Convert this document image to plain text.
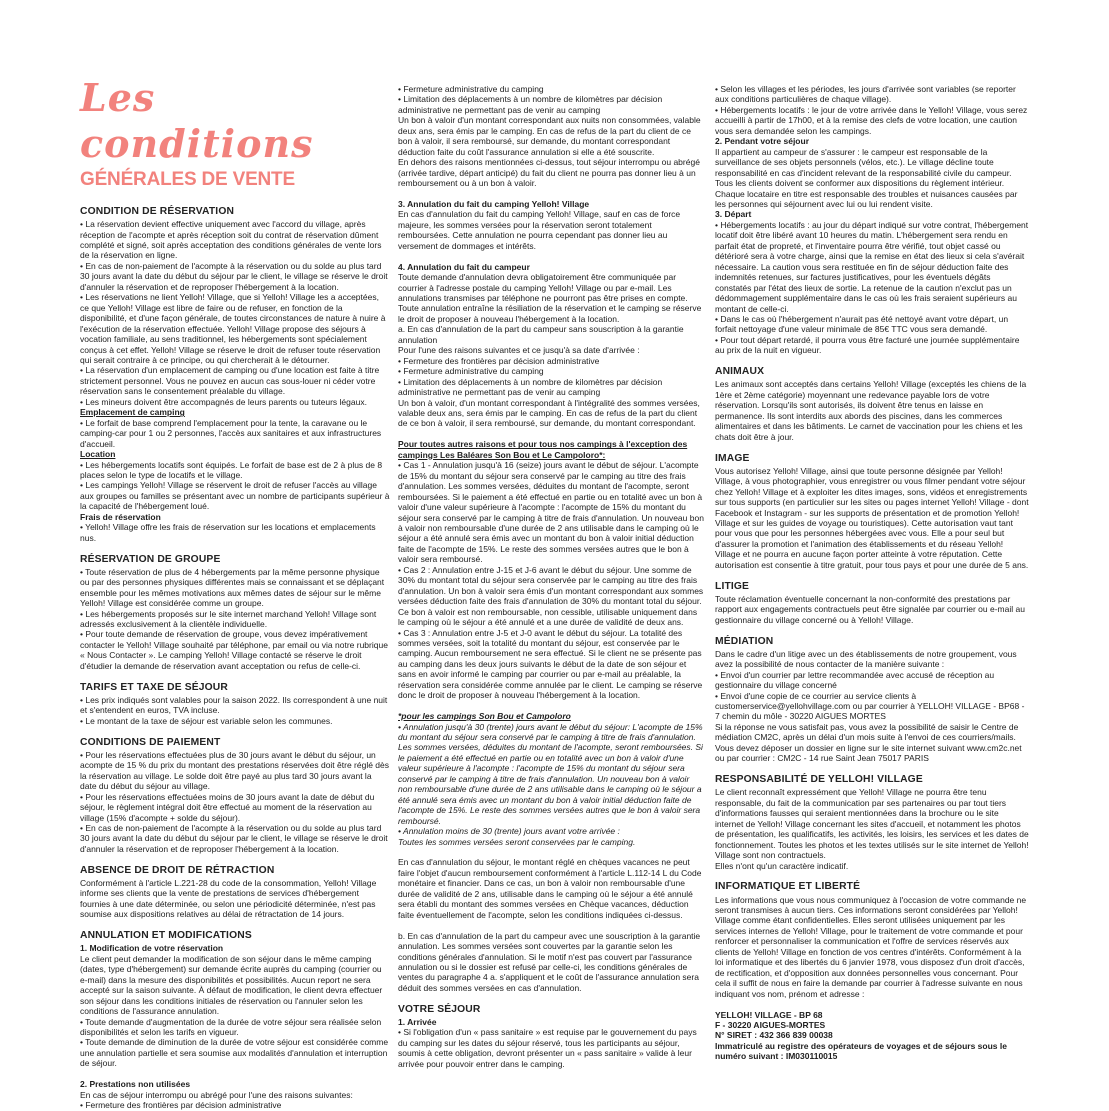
Les conditions
GÉNÉRALES DE VENTE
CONDITION DE RÉSERVATION
• La réservation devient effective uniquement avec l'accord du village, après réception de l'acompte et après réception soit du contrat de réservation dûment complété et signé, soit après acceptation des conditions générales de vente lors de la réservation en ligne.
• En cas de non-paiement de l'acompte à la réservation ou du solde au plus tard 30 jours avant la date du début du séjour par le client, le village se réserve le droit d'annuler la réservation et de reproposer l'hébergement à la location.
• Les réservations ne lient Yelloh! Village, que si Yelloh! Village les a acceptées, ce que Yelloh! Village est libre de faire ou de refuser, en fonction de la disponibilité, et d'une façon générale, de toutes circonstances de nature à nuire à l'exécution de la réservation effectuée. Yelloh! Village propose des séjours à vocation familiale, au sens traditionnel, les hébergements sont spécialement conçus à cet effet. Yelloh! Village se réserve le droit de refuser toute réservation qui serait contraire à ce principe, ou qui chercherait à le détourner.
• La réservation d'un emplacement de camping ou d'une location est faite à titre strictement personnel. Vous ne pouvez en aucun cas sous-louer ni céder votre réservation sans le consentement préalable du village.
• Les mineurs doivent être accompagnés de leurs parents ou tuteurs légaux.
Emplacement de camping
• Le forfait de base comprend l'emplacement pour la tente, la caravane ou le camping-car pour 1 ou 2 personnes, l'accès aux sanitaires et aux infrastructures d'accueil.
Location
• Les hébergements locatifs sont équipés. Le forfait de base est de 2 à plus de 8 places selon le type de locatifs et le village.
• Les campings Yelloh! Village se réservent le droit de refuser l'accès au village aux groupes ou familles se présentant avec un nombre de participants supérieur à la capacité de l'hébergement loué.
Frais de réservation
• Yelloh! Village offre les frais de réservation sur les locations et emplacements nus.
RÉSERVATION DE GROUPE
• Toute réservation de plus de 4 hébergements par la même personne physique ou par des personnes physiques différentes mais se connaissant et se déplaçant ensemble pour les mêmes motivations aux mêmes dates de séjour sur le même Yelloh! Village est considérée comme un groupe.
• Les hébergements proposés sur le site internet marchand Yelloh! Village sont adressés exclusivement à la clientèle individuelle.
• Pour toute demande de réservation de groupe, vous devez impérativement contacter le Yelloh! Village souhaité par téléphone, par email ou via notre rubrique « Nous Contacter ». Le camping Yelloh! Village contacté se réserve le droit d'étudier la demande de réservation avant acceptation ou refus de celle-ci.
TARIFS ET TAXE DE SÉJOUR
• Les prix indiqués sont valables pour la saison 2022. Ils correspondent à une nuit et s'entendent en euros, TVA incluse.
• Le montant de la taxe de séjour est variable selon les communes.
CONDITIONS DE PAIEMENT
• Pour les réservations effectuées plus de 30 jours avant le début du séjour, un acompte de 15 % du prix du montant des prestations réservées doit être réglé dès la réservation au village. Le solde doit être payé au plus tard 30 jours avant la date du début du séjour au village.
• Pour les réservations effectuées moins de 30 jours avant la date de début du séjour, le règlement intégral doit être effectué au moment de la réservation au village (15% d'acompte + solde du séjour).
• En cas de non-paiement de l'acompte à la réservation ou du solde au plus tard 30 jours avant la date du début du séjour par le client, le village se réserve le droit d'annuler la réservation et de reproposer l'hébergement à la location.
ABSENCE DE DROIT DE RÉTRACTION
Conformément à l'article L.221-28 du code de la consommation, Yelloh! Village informe ses clients que la vente de prestations de services d'hébergement fournies à une date déterminée, ou selon une périodicité déterminée, n'est pas soumise aux dispositions relatives au délai de rétractation de 14 jours.
ANNULATION ET MODIFICATIONS
1. Modification de votre réservation
Le client peut demander la modification de son séjour dans le même camping (dates, type d'hébergement) sur demande écrite auprès du camping (courrier ou e-mail) dans la mesure des disponibilités et possibilités. Aucun report ne sera accepté sur la saison suivante. À défaut de modification, le client devra effectuer son séjour dans les conditions initiales de réservation ou l'annuler selon les conditions de l'assurance annulation.
• Toute demande d'augmentation de la durée de votre séjour sera réalisée selon disponibilités et selon les tarifs en vigueur.
• Toute demande de diminution de la durée de votre séjour est considérée comme une annulation partielle et sera soumise aux modalités d'annulation et interruption de séjour.
2. Prestations non utilisées
En cas de séjour interrompu ou abrégé pour l'une des raisons suivantes:
• Fermeture des frontières par décision administrative
• Fermeture administrative du camping
• Limitation des déplacements à un nombre de kilomètres par décision administrative ne permettant pas de venir au camping
Un bon à valoir d'un montant correspondant aux nuits non consommées, valable deux ans, sera émis par le camping. En cas de refus de la part du client de ce bon à valoir, il sera remboursé, sur demande, du montant correspondant déduction faite du coût l'assurance annulation si elle a été souscrite.
En dehors des raisons mentionnées ci-dessus, tout séjour interrompu ou abrégé (arrivée tardive, départ anticipé) du fait du client ne pourra pas donner lieu à un remboursement ou à un bon à valoir.
3. Annulation du fait du camping Yelloh! Village
En cas d'annulation du fait du camping Yelloh! Village, sauf en cas de force majeure, les sommes versées pour la réservation seront totalement remboursées. Cette annulation ne pourra cependant pas donner lieu au versement de dommages et intérêts.
4. Annulation du fait du campeur
Toute demande d'annulation devra obligatoirement être communiquée par courrier à l'adresse postale du camping Yelloh! Village ou par e-mail. Les annulations transmises par téléphone ne pourront pas être prises en compte. Toute annulation entraîne la résiliation de la réservation et le camping se réserve le droit de proposer à nouveau l'hébergement à la location.
a. En cas d'annulation de la part du campeur sans souscription à la garantie annulation
Pour l'une des raisons suivantes et ce jusqu'à sa date d'arrivée :
• Fermeture des frontières par décision administrative
• Fermeture administrative du camping
• Limitation des déplacements à un nombre de kilomètres par décision administrative ne permettant pas de venir au camping
Un bon à valoir, d'un montant correspondant à l'intégralité des sommes versées, valable deux ans, sera émis par le camping. En cas de refus de la part du client de ce bon à valoir, il sera remboursé, sur demande, du montant correspondant.
Pour toutes autres raisons et pour tous nos campings à l'exception des campings Les Baléares Son Bou et Le Campoloro*:
• Cas 1 - Annulation jusqu'à 16 (seize) jours avant le début de séjour. L'acompte de 15% du montant du séjour sera conservé par le camping au titre des frais d'annulation. Les sommes versées, déduites du montant de l'acompte, seront remboursées. Si le paiement a été effectué en partie ou en totalité avec un bon à valoir d'une valeur supérieure à l'acompte : l'acompte de 15% du montant du séjour sera conservé par le camping à titre de frais d'annulation. Un nouveau bon à valoir non remboursable d'une durée de 2 ans utilisable dans le camping où le séjour a été annulé sera émis avec un montant du bon à valoir initial déduction faite de l'acompte de 15%. Le reste des sommes versées autres que le bon à valoir sera remboursé.
• Cas 2 : Annulation entre J-15 et J-6 avant le début du séjour. Une somme de 30% du montant total du séjour sera conservée par le camping au titre des frais d'annulation. Un bon à valoir sera émis d'un montant correspondant aux sommes versées déduction faite des frais d'annulation de 30% du montant total du séjour. Ce bon à valoir est non remboursable, non cessible, utilisable uniquement dans le camping où le séjour a été annulé et a une durée de validité de deux ans.
• Cas 3 : Annulation entre J-5 et J-0 avant le début du séjour. La totalité des sommes versées, soit la totalité du montant du séjour, est conservée par le camping. Aucun remboursement ne sera effectué. Si le client ne se présente pas au camping dans les deux jours suivants le début de la date de son séjour et sans en avoir informé le camping par courrier ou par e-mail au préalable, la réservation sera considérée comme annulée par le client. Le camping se réserve donc le droit de proposer à nouveau l'hébergement à la location.
*pour les campings Son Bou et Campoloro
• Annulation jusqu'à 30 (trente) jours avant le début du séjour: L'acompte de 15% du montant du séjour sera conservé par le camping à titre de frais d'annulation. Les sommes versées, déduites du montant de l'acompte, seront remboursées. Si le paiement a été effectué en partie ou en totalité avec un bon à valoir d'une valeur supérieure à l'acompte : l'acompte de 15% du montant du séjour sera conservé par le camping à titre de frais d'annulation. Un nouveau bon à valoir non remboursable d'une durée de 2 ans utilisable dans le camping où le séjour a été annulé sera émis avec un montant du bon à valoir initial déduction faite de l'acompte de 15%. Le reste des sommes versées autres que le bon à valoir sera remboursé.
• Annulation moins de 30 (trente) jours avant votre arrivée :
Toutes les sommes versées seront conservées par le camping.
En cas d'annulation du séjour, le montant réglé en chèques vacances ne peut faire l'objet d'aucun remboursement conformément à l'article L.112-14 L du Code monétaire et financier. Dans ce cas, un bon à valoir non remboursable d'une durée de validité de 2 ans, utilisable dans le camping où le séjour a été annulé sera établi du montant des sommes versées en Chèque vacances, déduction faite éventuellement de l'acompte, selon les conditions indiquées ci-dessus.
b. En cas d'annulation de la part du campeur avec une souscription à la garantie annulation. Les sommes versées sont couvertes par la garantie selon les conditions générales d'annulation. Si le motif n'est pas couvert par l'assurance annulation ou si le dossier est refusé par celle-ci, les conditions générales de ventes du paragraphe 4 a. s'appliquent et le coût de l'assurance annulation sera déduit des sommes versées en cas d'annulation.
VOTRE SÉJOUR
1. Arrivée
• Si l'obligation d'un « pass sanitaire » est requise par le gouvernement du pays du camping sur les dates du séjour réservé, tous les participants au séjour, soumis à cette obligation, devront présenter un « pass sanitaire » valide à leur arrivée pour pouvoir entrer dans le camping.
• Selon les villages et les périodes, les jours d'arrivée sont variables (se reporter aux conditions particulières de chaque village).
• Hébergements locatifs : le jour de votre arrivée dans le Yelloh! Village, vous serez accueilli à partir de 17h00, et à la remise des clefs de votre location, une caution vous sera demandée selon les campings.
2. Pendant votre séjour
Il appartient au campeur de s'assurer : le campeur est responsable de la surveillance de ses objets personnels (vélos, etc.). Le village décline toute responsabilité en cas d'incident relevant de la responsabilité civile du campeur. Tous les clients doivent se conformer aux dispositions du règlement intérieur. Chaque locataire en titre est responsable des troubles et nuisances causées par les personnes qui séjournent avec lui ou lui rendent visite.
3. Départ
• Hébergements locatifs : au jour du départ indiqué sur votre contrat, l'hébergement locatif doit être libéré avant 10 heures du matin. L'hébergement sera rendu en parfait état de propreté, et l'inventaire pourra être vérifié, tout objet cassé ou détérioré sera à votre charge, ainsi que la remise en état des lieux si cela s'avérait nécessaire. La caution vous sera restituée en fin de séjour déduction faite des indemnités retenues, sur factures justificatives, pour les éventuels dégâts constatés par l'état des lieux de sortie. La retenue de la caution n'exclut pas un dédommagement supplémentaire dans le cas où les frais seraient supérieurs au montant de celle-ci.
• Dans le cas où l'hébergement n'aurait pas été nettoyé avant votre départ, un forfait nettoyage d'une valeur minimale de 85€ TTC vous sera demandé.
• Pour tout départ retardé, il pourra vous être facturé une journée supplémentaire au prix de la nuit en vigueur.
ANIMAUX
Les animaux sont acceptés dans certains Yelloh! Village (exceptés les chiens de la 1ère et 2ème catégorie) moyennant une redevance payable lors de votre réservation. Lorsqu'ils sont autorisés, ils doivent être tenus en laisse en permanence. Ils sont interdits aux abords des piscines, dans les commerces alimentaires et dans les bâtiments. Le carnet de vaccination pour les chiens et les chats doit être à jour.
IMAGE
Vous autorisez Yelloh! Village, ainsi que toute personne désignée par Yelloh! Village, à vous photographier, vous enregistrer ou vous filmer pendant votre séjour chez Yelloh! Village et à exploiter les dites images, sons, vidéos et enregistrements sur tous supports (en particulier sur les sites ou pages internet Yelloh! Village - dont Facebook et Instagram - sur les supports de présentation et de promotion Yelloh! Village et sur les guides de voyage ou touristiques). Cette autorisation vaut tant pour vous que pour les personnes hébergées avec vous. Elle a pour seul but d'assurer la promotion et l'animation des établissements et du réseau Yelloh! Village et ne pourra en aucune façon porter atteinte à votre réputation. Cette autorisation est consentie à titre gratuit, pour tous pays et pour une durée de 5 ans.
LITIGE
Toute réclamation éventuelle concernant la non-conformité des prestations par rapport aux engagements contractuels peut être signalée par courrier ou e-mail au gestionnaire du village concerné ou à Yelloh! Village.
MÉDIATION
Dans le cadre d'un litige avec un des établissements de notre groupement, vous avez la possibilité de nous contacter de la manière suivante :
• Envoi d'un courrier par lettre recommandée avec accusé de réception au gestionnaire du village concerné
• Envoi d'une copie de ce courrier au service clients à customerservice@yellohvillage.com ou par courrier à YELLOH! VILLAGE - BP68 - 7 chemin du môle - 30220 AIGUES MORTES
Si la réponse ne vous satisfait pas, vous avez la possibilité de saisir le Centre de médiation CM2C, après un délai d'un mois suite à l'envoi de ces courriers/mails. Vous devez déposer un dossier en ligne sur le site internet suivant www.cm2c.net ou par courrier : CM2C - 14 rue Saint Jean 75017 PARIS
RESPONSABILITÉ DE YELLOH! VILLAGE
Le client reconnaît expressément que Yelloh! Village ne pourra être tenu responsable, du fait de la communication par ses partenaires ou par tout tiers d'informations fausses qui seraient mentionnées dans la brochure ou le site internet de Yelloh! Village concernant les sites d'accueil, et notamment les photos de présentation, les qualificatifs, les activités, les loisirs, les services et les dates de fonctionnement. Toutes les photos et les textes utilisés sur le site internet de Yelloh! Village sont non contractuels.
Elles n'ont qu'un caractère indicatif.
INFORMATIQUE ET LIBERTÉ
Les informations que vous nous communiquez à l'occasion de votre commande ne seront transmises à aucun tiers. Ces informations seront considérées par Yelloh! Village comme étant confidentielles. Elles seront utilisées uniquement par les services internes de Yelloh! Village, pour le traitement de votre commande et pour renforcer et personnaliser la communication et l'offre de services réservés aux clients de Yelloh! Village en fonction de vos centres d'intérêts. Conformément à la loi informatique et des libertés du 6 janvier 1978, vous disposez d'un droit d'accès, de rectification, et d'opposition aux données personnelles vous concernant. Pour cela il suffit de nous en faire la demande par courrier à l'adresse suivante en nous indiquant vos nom, prénom et adresse :
YELLOH! VILLAGE - BP 68
F - 30220 AIGUES-MORTES
N° SIRET : 432 366 839 00038
Immatriculé au registre des opérateurs de voyages et de séjours sous le numéro suivant : IM030110015
